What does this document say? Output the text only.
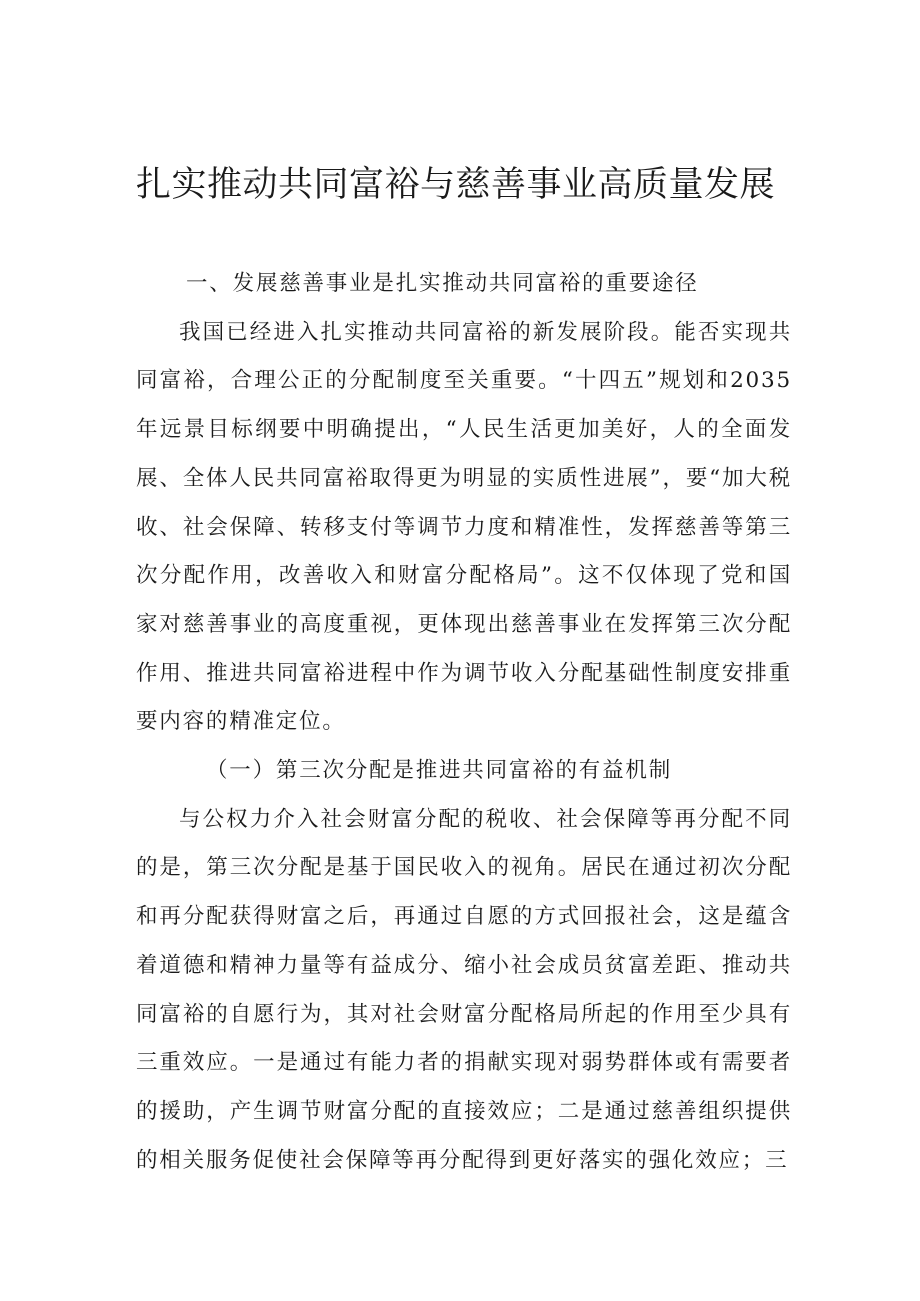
扎实推动共同富裕与慈善事业高质量发展

一、发展慈善事业是扎实推动共同富裕的重要途径

我国已经进入扎实推动共同富裕的新发展阶段。能否实现共同富裕，合理公正的分配制度至关重要。“十四五”规划和2035年远景目标纲要中明确提出，“人民生活更加美好，人的全面发展、全体人民共同富裕取得更为明显的实质性进展”，要“加大税收、社会保障、转移支付等调节力度和精准性，发挥慈善等第三次分配作用，改善收入和财富分配格局”。这不仅体现了党和国家对慈善事业的高度重视，更体现出慈善事业在发挥第三次分配作用、推进共同富裕进程中作为调节收入分配基础性制度安排重要内容的精准定位。

（一）第三次分配是推进共同富裕的有益机制

与公权力介入社会财富分配的税收、社会保障等再分配不同的是，第三次分配是基于国民收入的视角。居民在通过初次分配和再分配获得财富之后，再通过自愿的方式回报社会，这是蕴含着道德和精神力量等有益成分、缩小社会成员贫富差距、推动共同富裕的自愿行为，其对社会财富分配格局所起的作用至少具有三重效应。一是通过有能力者的捐献实现对弱势群体或有需要者的援助，产生调节财富分配的直接效应；二是通过慈善组织提供的相关服务促使社会保障等再分配得到更好落实的强化效应；三
